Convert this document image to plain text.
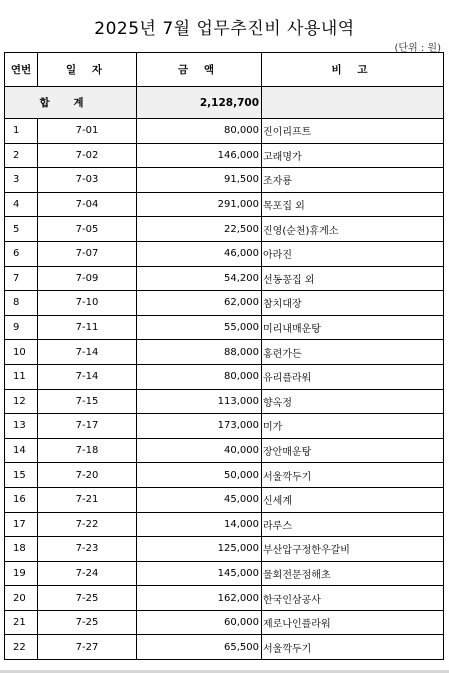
2025년 7월 업무추진비 사용내역
(단위 : 원)
연번	일 자	금 액	비 고
합 계		2,128,700	
1	7-01	80,000	진이리프트
2	7-02	146,000	고래명가
3	7-03	91,500	조자룡
4	7-04	291,000	목포집 외
5	7-05	22,500	진영(순천)휴게소
6	7-07	46,000	아라진
7	7-09	54,200	선동꽁집 외
8	7-10	62,000	참치대장
9	7-11	55,000	미리내매운탕
10	7-14	88,000	홍련가든
11	7-14	80,000	유리플라워
12	7-15	113,000	향옥정
13	7-17	173,000	미가
14	7-18	40,000	장안매운탕
15	7-20	50,000	서울깍두기
16	7-21	45,000	신세계
17	7-22	14,000	라루스
18	7-23	125,000	부산압구정한우갈비
19	7-24	145,000	물회전문점해초
20	7-25	162,000	한국인삼공사
21	7-25	60,000	제로나인플라워
22	7-27	65,500	서울깍두기
